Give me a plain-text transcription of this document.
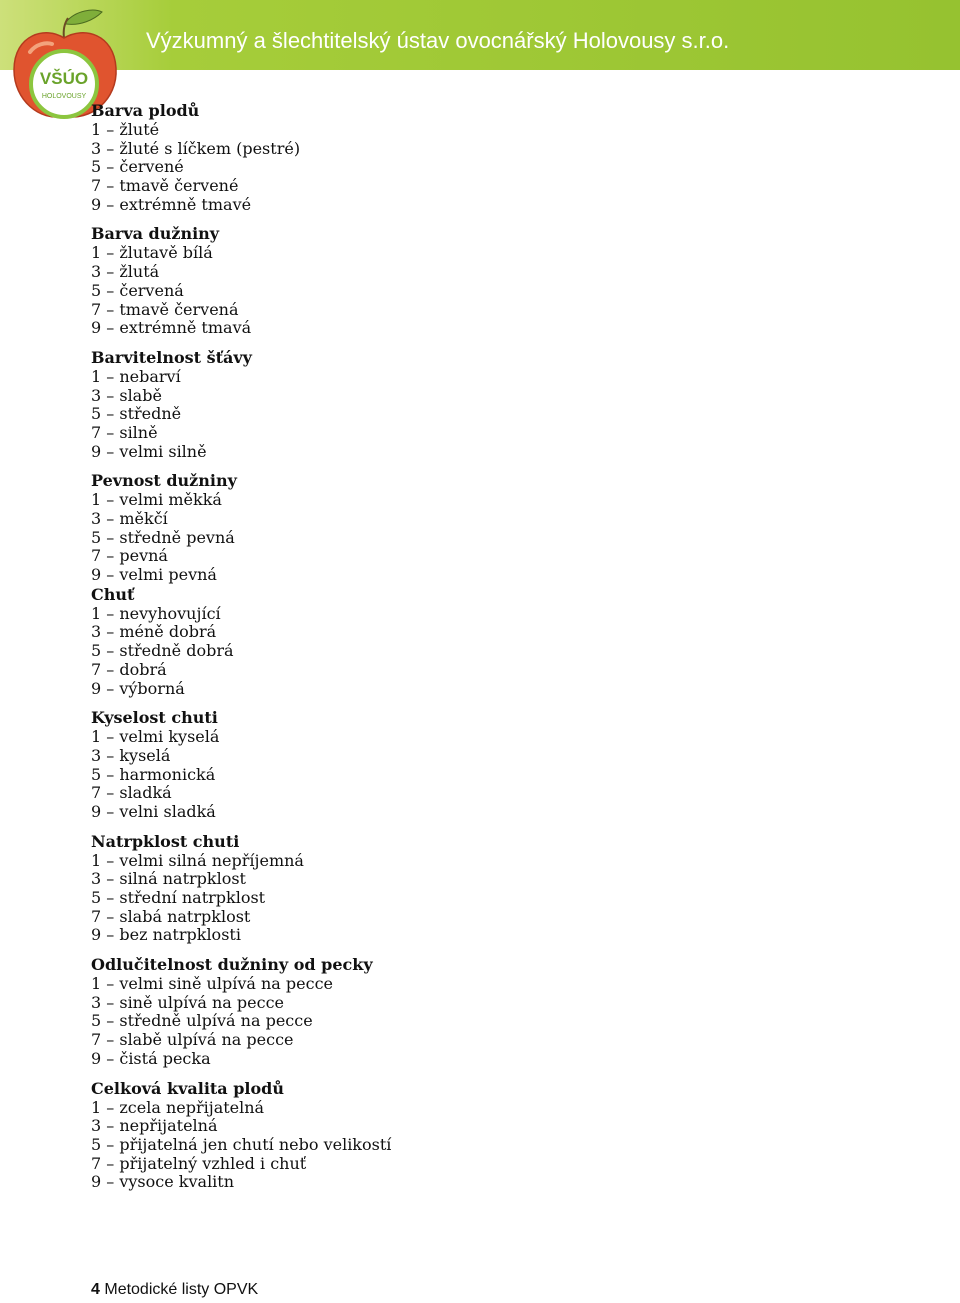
Výzkumný a šlechtitelský ústav ovocnářský Holovousy s.r.o.
VŠÚO
HOLOVOUSY
Barva plodů
1 – žluté
3 – žluté s líčkem (pestré)
5 – červené
7 – tmavě červené
9 – extrémně tmavé
Barva dužniny
1 – žlutavě bílá
3 – žlutá
5 – červená
7 – tmavě červená
9 – extrémně tmavá
Barvitelnost šťávy
1 – nebarví
3 – slabě
5 – středně
7 – silně
9 – velmi silně
Pevnost dužniny
1 – velmi měkká
3 – měkčí
5 – středně pevná
7 – pevná
9 – velmi pevná
Chuť
1 – nevyhovující
3 – méně dobrá
5 – středně dobrá
7 – dobrá
9 – výborná
Kyselost chuti
1 – velmi kyselá
3 – kyselá
5 – harmonická
7 – sladká
9 – velni sladká
Natrpklost chuti
1 – velmi silná nepříjemná
3 – silná natrpklost
5 – střední natrpklost
7 – slabá natrpklost
9 – bez natrpklosti
Odlučitelnost dužniny od pecky
1 – velmi sině ulpívá na pecce
3 – sině ulpívá na pecce
5 – středně ulpívá na pecce
7 – slabě ulpívá na pecce
9 – čistá pecka
Celková kvalita plodů
1 – zcela nepřijatelná
3 – nepřijatelná
5 – přijatelná jen chutí nebo velikostí
7 – přijatelný vzhled i chuť
9 – vysoce kvalitn
4 Metodické listy OPVK
